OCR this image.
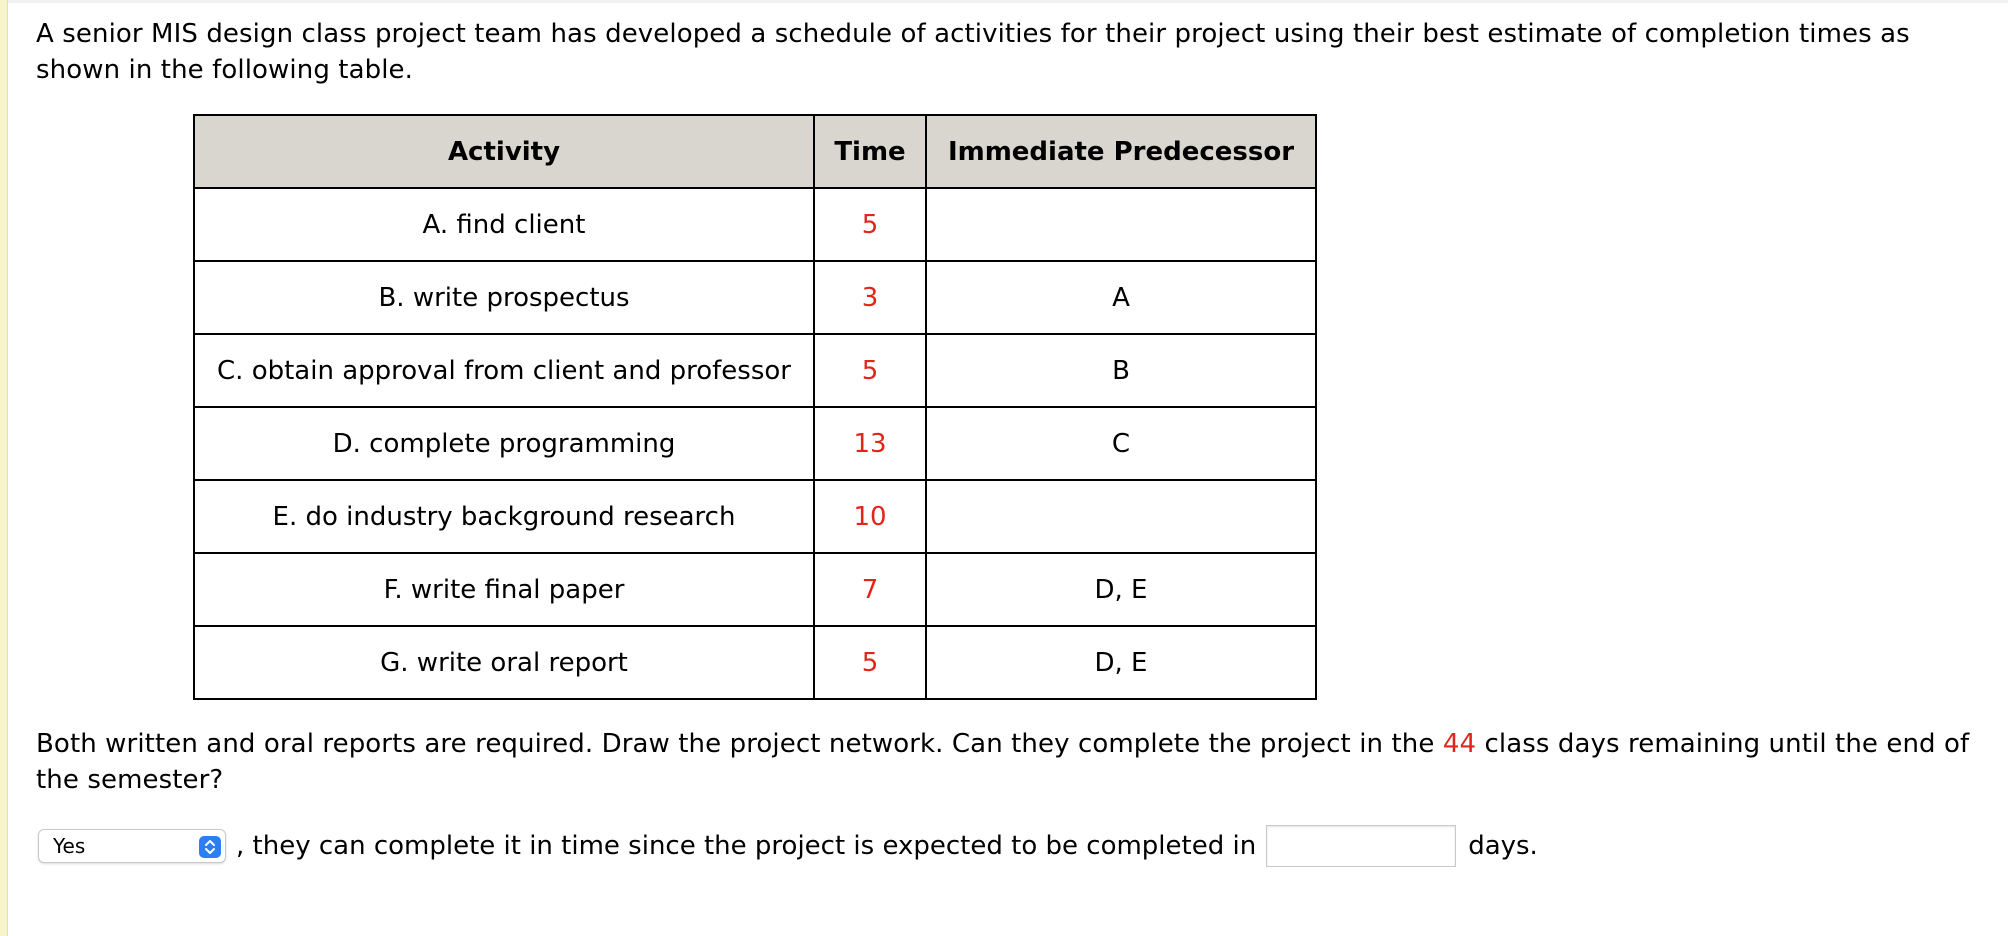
A senior MIS design class project team has developed a schedule of activities for their project using their best estimate of completion times as shown in the following table.

Activity	Time	Immediate Predecessor
A. find client	5	
B. write prospectus	3	A
C. obtain approval from client and professor	5	B
D. complete programming	13	C
E. do industry background research	10	
F. write final paper	7	D, E
G. write oral report	5	D, E

Both written and oral reports are required. Draw the project network. Can they complete the project in the 44 class days remaining until the end of the semester?

Yes	, they can complete it in time since the project is expected to be completed in	days.
